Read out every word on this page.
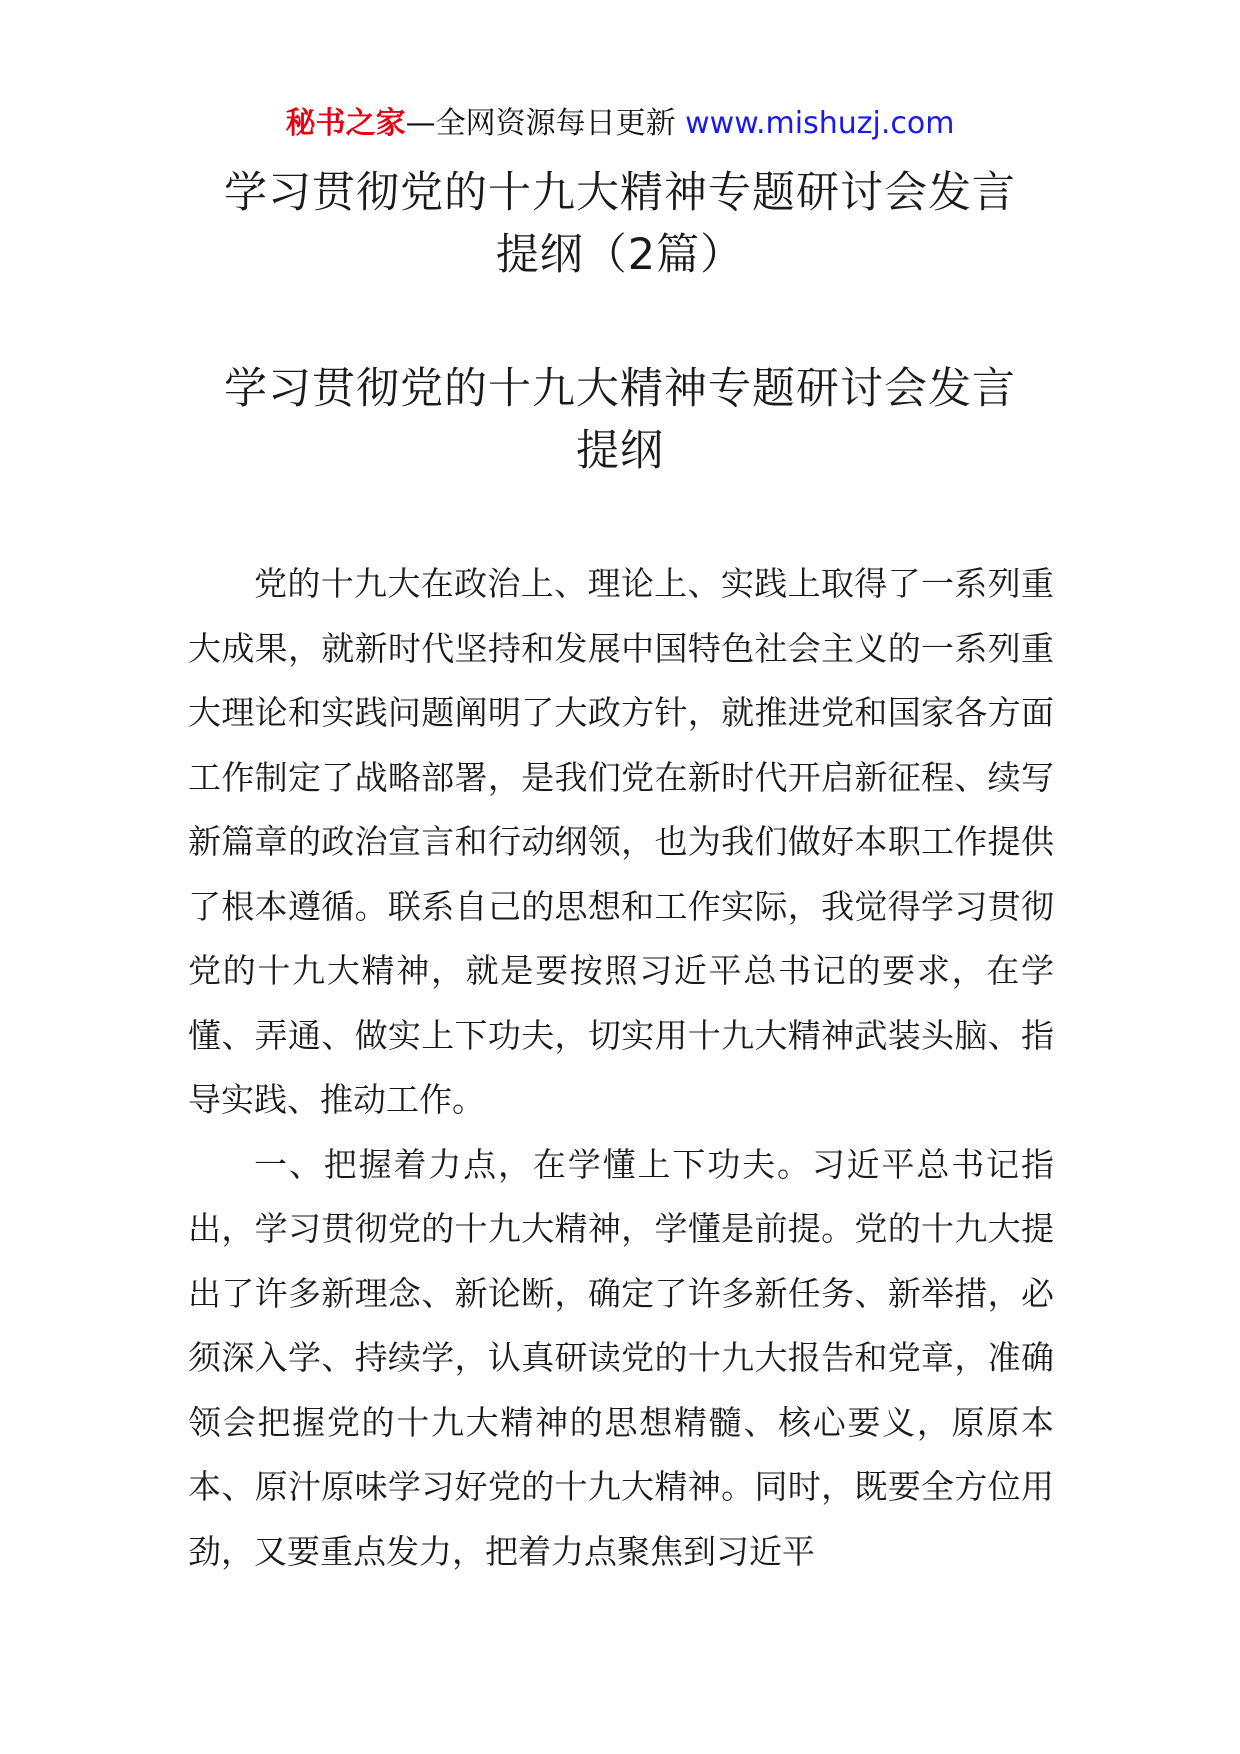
秘书之家—全网资源每日更新 www.mishuzj.com
学习贯彻党的十九大精神专题研讨会发言
提纲（2篇）
学习贯彻党的十九大精神专题研讨会发言
提纲

党的十九大在政治上、理论上、实践上取得了一系列重大成果，就新时代坚持和发展中国特色社会主义的一系列重大理论和实践问题阐明了大政方针，就推进党和国家各方面工作制定了战略部署，是我们党在新时代开启新征程、续写新篇章的政治宣言和行动纲领，也为我们做好本职工作提供了根本遵循。联系自己的思想和工作实际，我觉得学习贯彻党的十九大精神，就是要按照习近平总书记的要求，在学懂、弄通、做实上下功夫，切实用十九大精神武装头脑、指导实践、推动工作。

一、把握着力点，在学懂上下功夫。习近平总书记指出，学习贯彻党的十九大精神，学懂是前提。党的十九大提出了许多新理念、新论断，确定了许多新任务、新举措，必须深入学、持续学，认真研读党的十九大报告和党章，准确领会把握党的十九大精神的思想精髓、核心要义，原原本本、原汁原味学习好党的十九大精神。同时，既要全方位用劲，又要重点发力，把着力点聚焦到习近平
